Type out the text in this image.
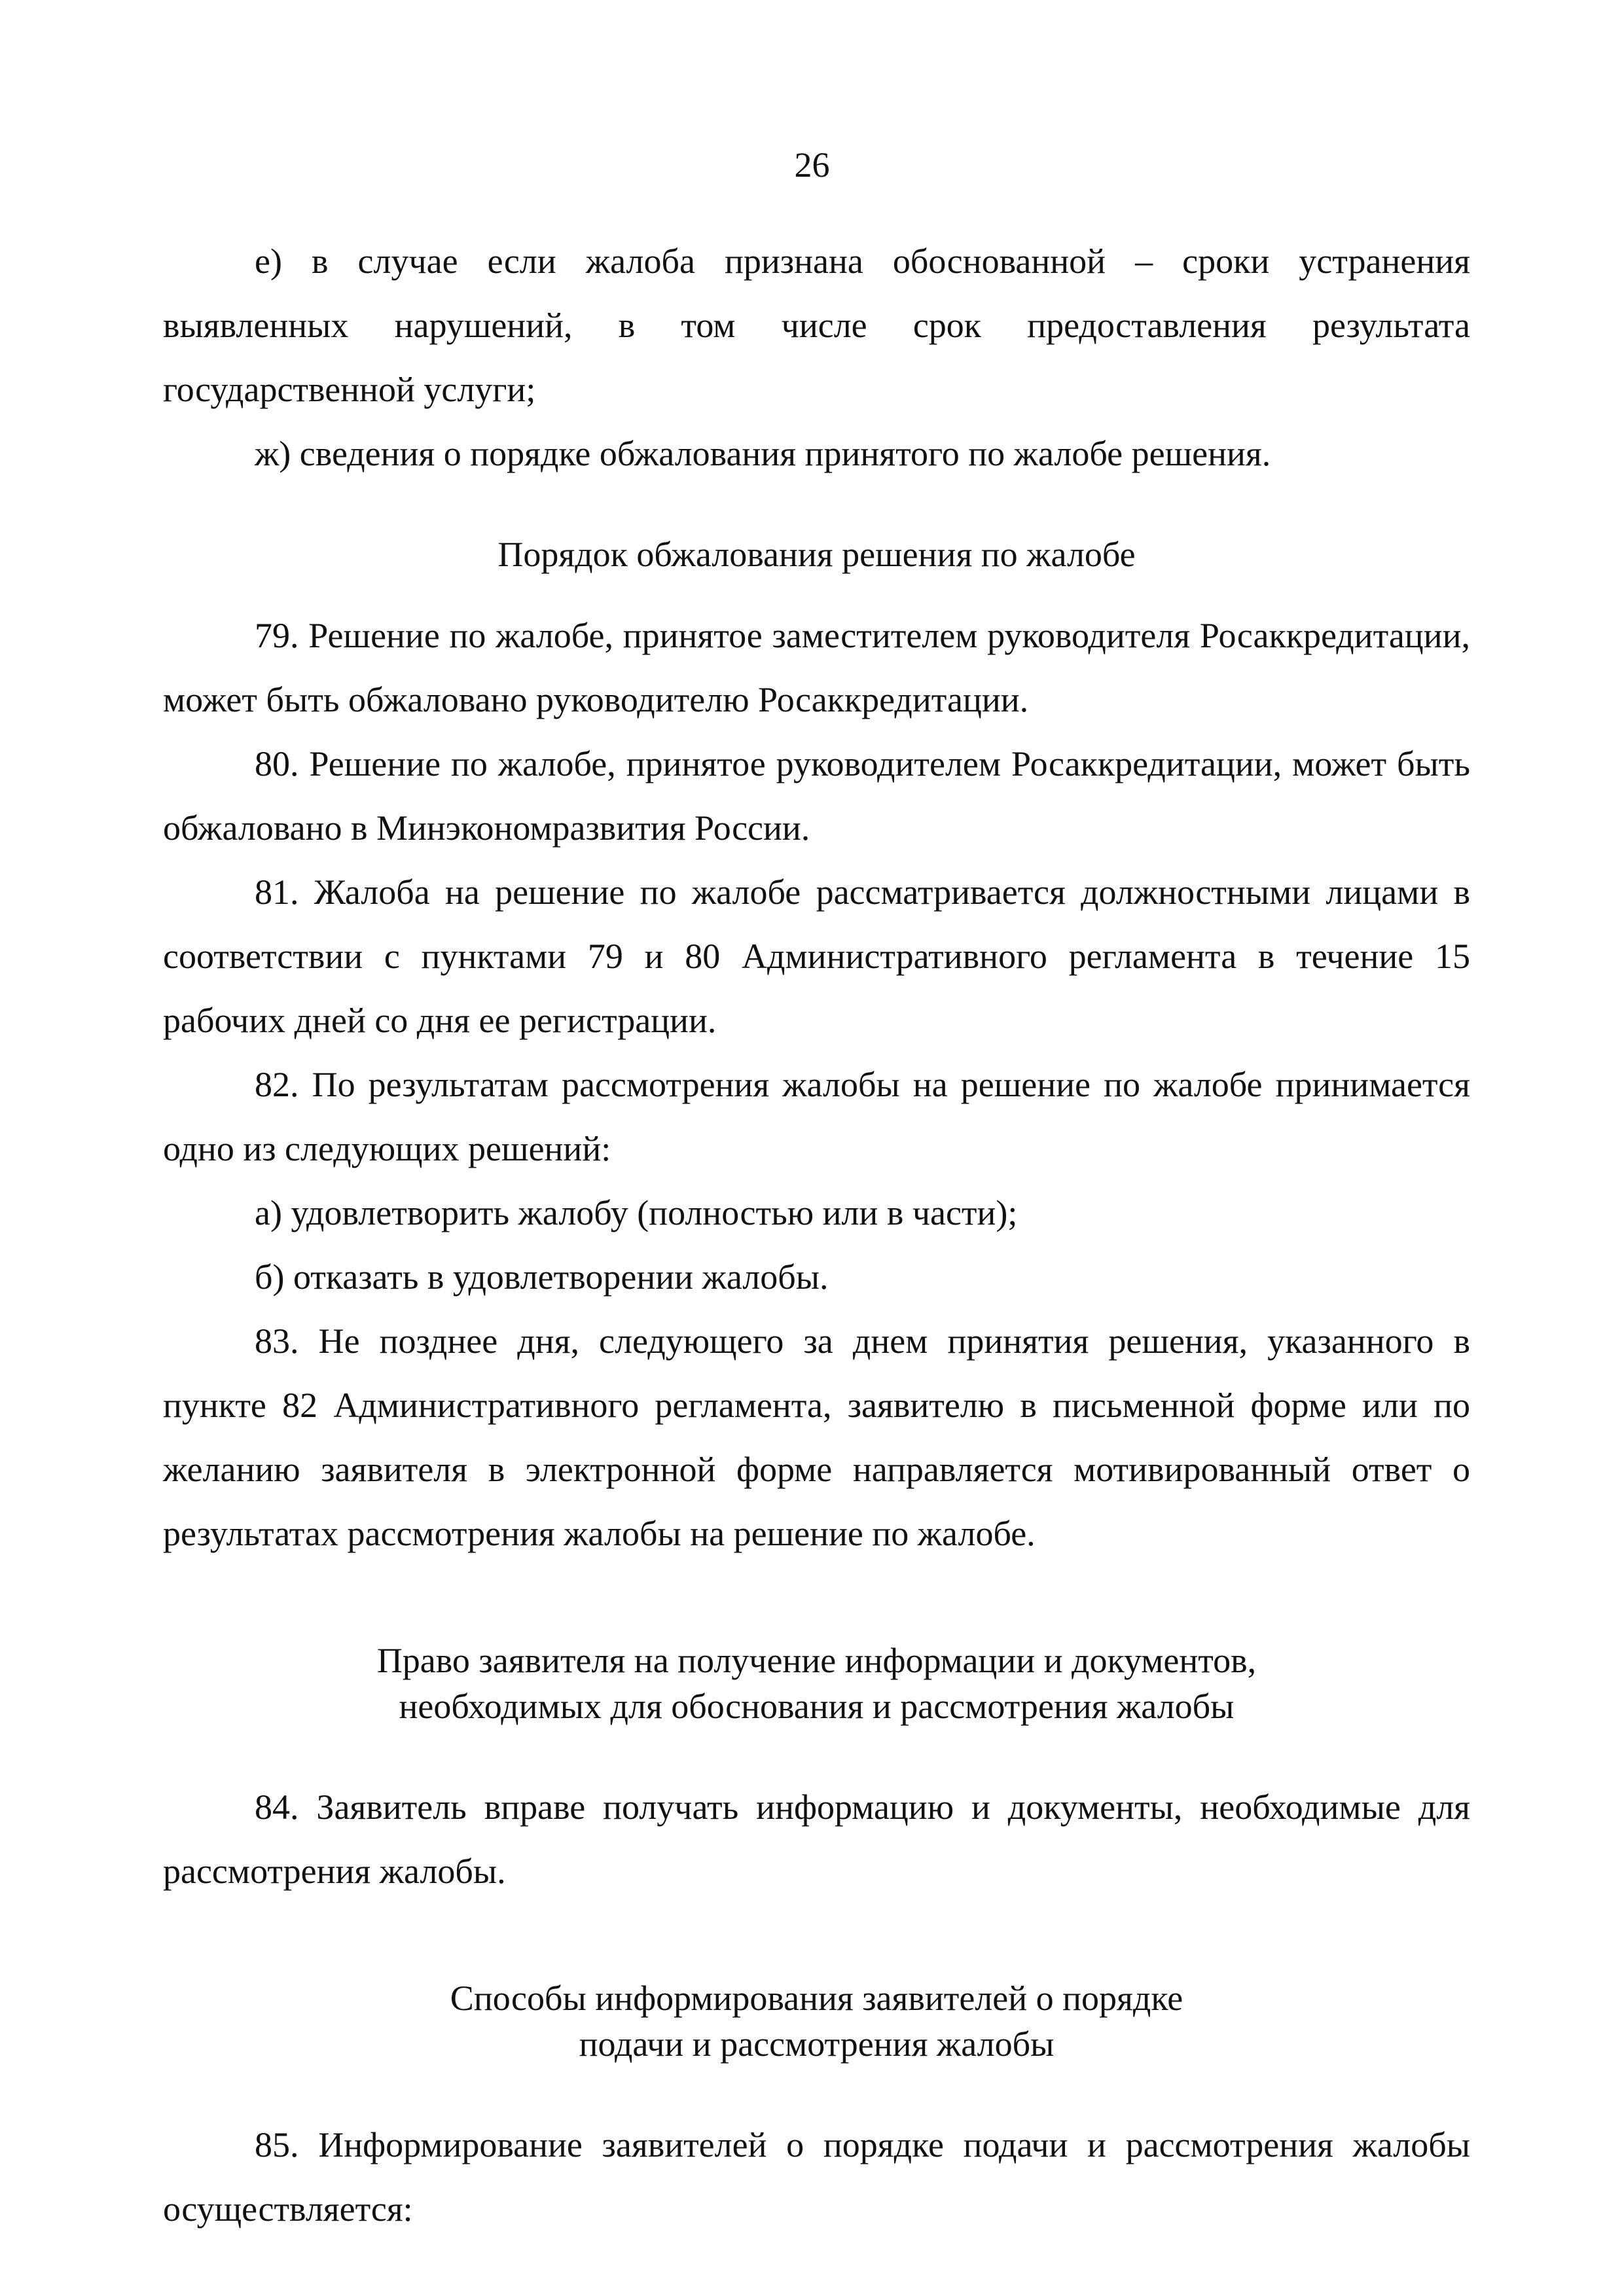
26

е) в случае если жалоба признана обоснованной – сроки устранения выявленных нарушений, в том числе срок предоставления результата государственной услуги;

ж) сведения о порядке обжалования принятого по жалобе решения.

Порядок обжалования решения по жалобе

79. Решение по жалобе, принятое заместителем руководителя Росаккредитации, может быть обжаловано руководителю Росаккредитации.

80. Решение по жалобе, принятое руководителем Росаккредитации, может быть обжаловано в Минэкономразвития России.

81. Жалоба на решение по жалобе рассматривается должностными лицами в соответствии с пунктами 79 и 80 Административного регламента в течение 15 рабочих дней со дня ее регистрации.

82. По результатам рассмотрения жалобы на решение по жалобе принимается одно из следующих решений:

а) удовлетворить жалобу (полностью или в части);

б) отказать в удовлетворении жалобы.

83. Не позднее дня, следующего за днем принятия решения, указанного в пункте 82 Административного регламента, заявителю в письменной форме или по желанию заявителя в электронной форме направляется мотивированный ответ о результатах рассмотрения жалобы на решение по жалобе.

Право заявителя на получение информации и документов,
необходимых для обоснования и рассмотрения жалобы

84. Заявитель вправе получать информацию и документы, необходимые для рассмотрения жалобы.

Способы информирования заявителей о порядке
подачи и рассмотрения жалобы

85. Информирование заявителей о порядке подачи и рассмотрения жалобы осуществляется:
